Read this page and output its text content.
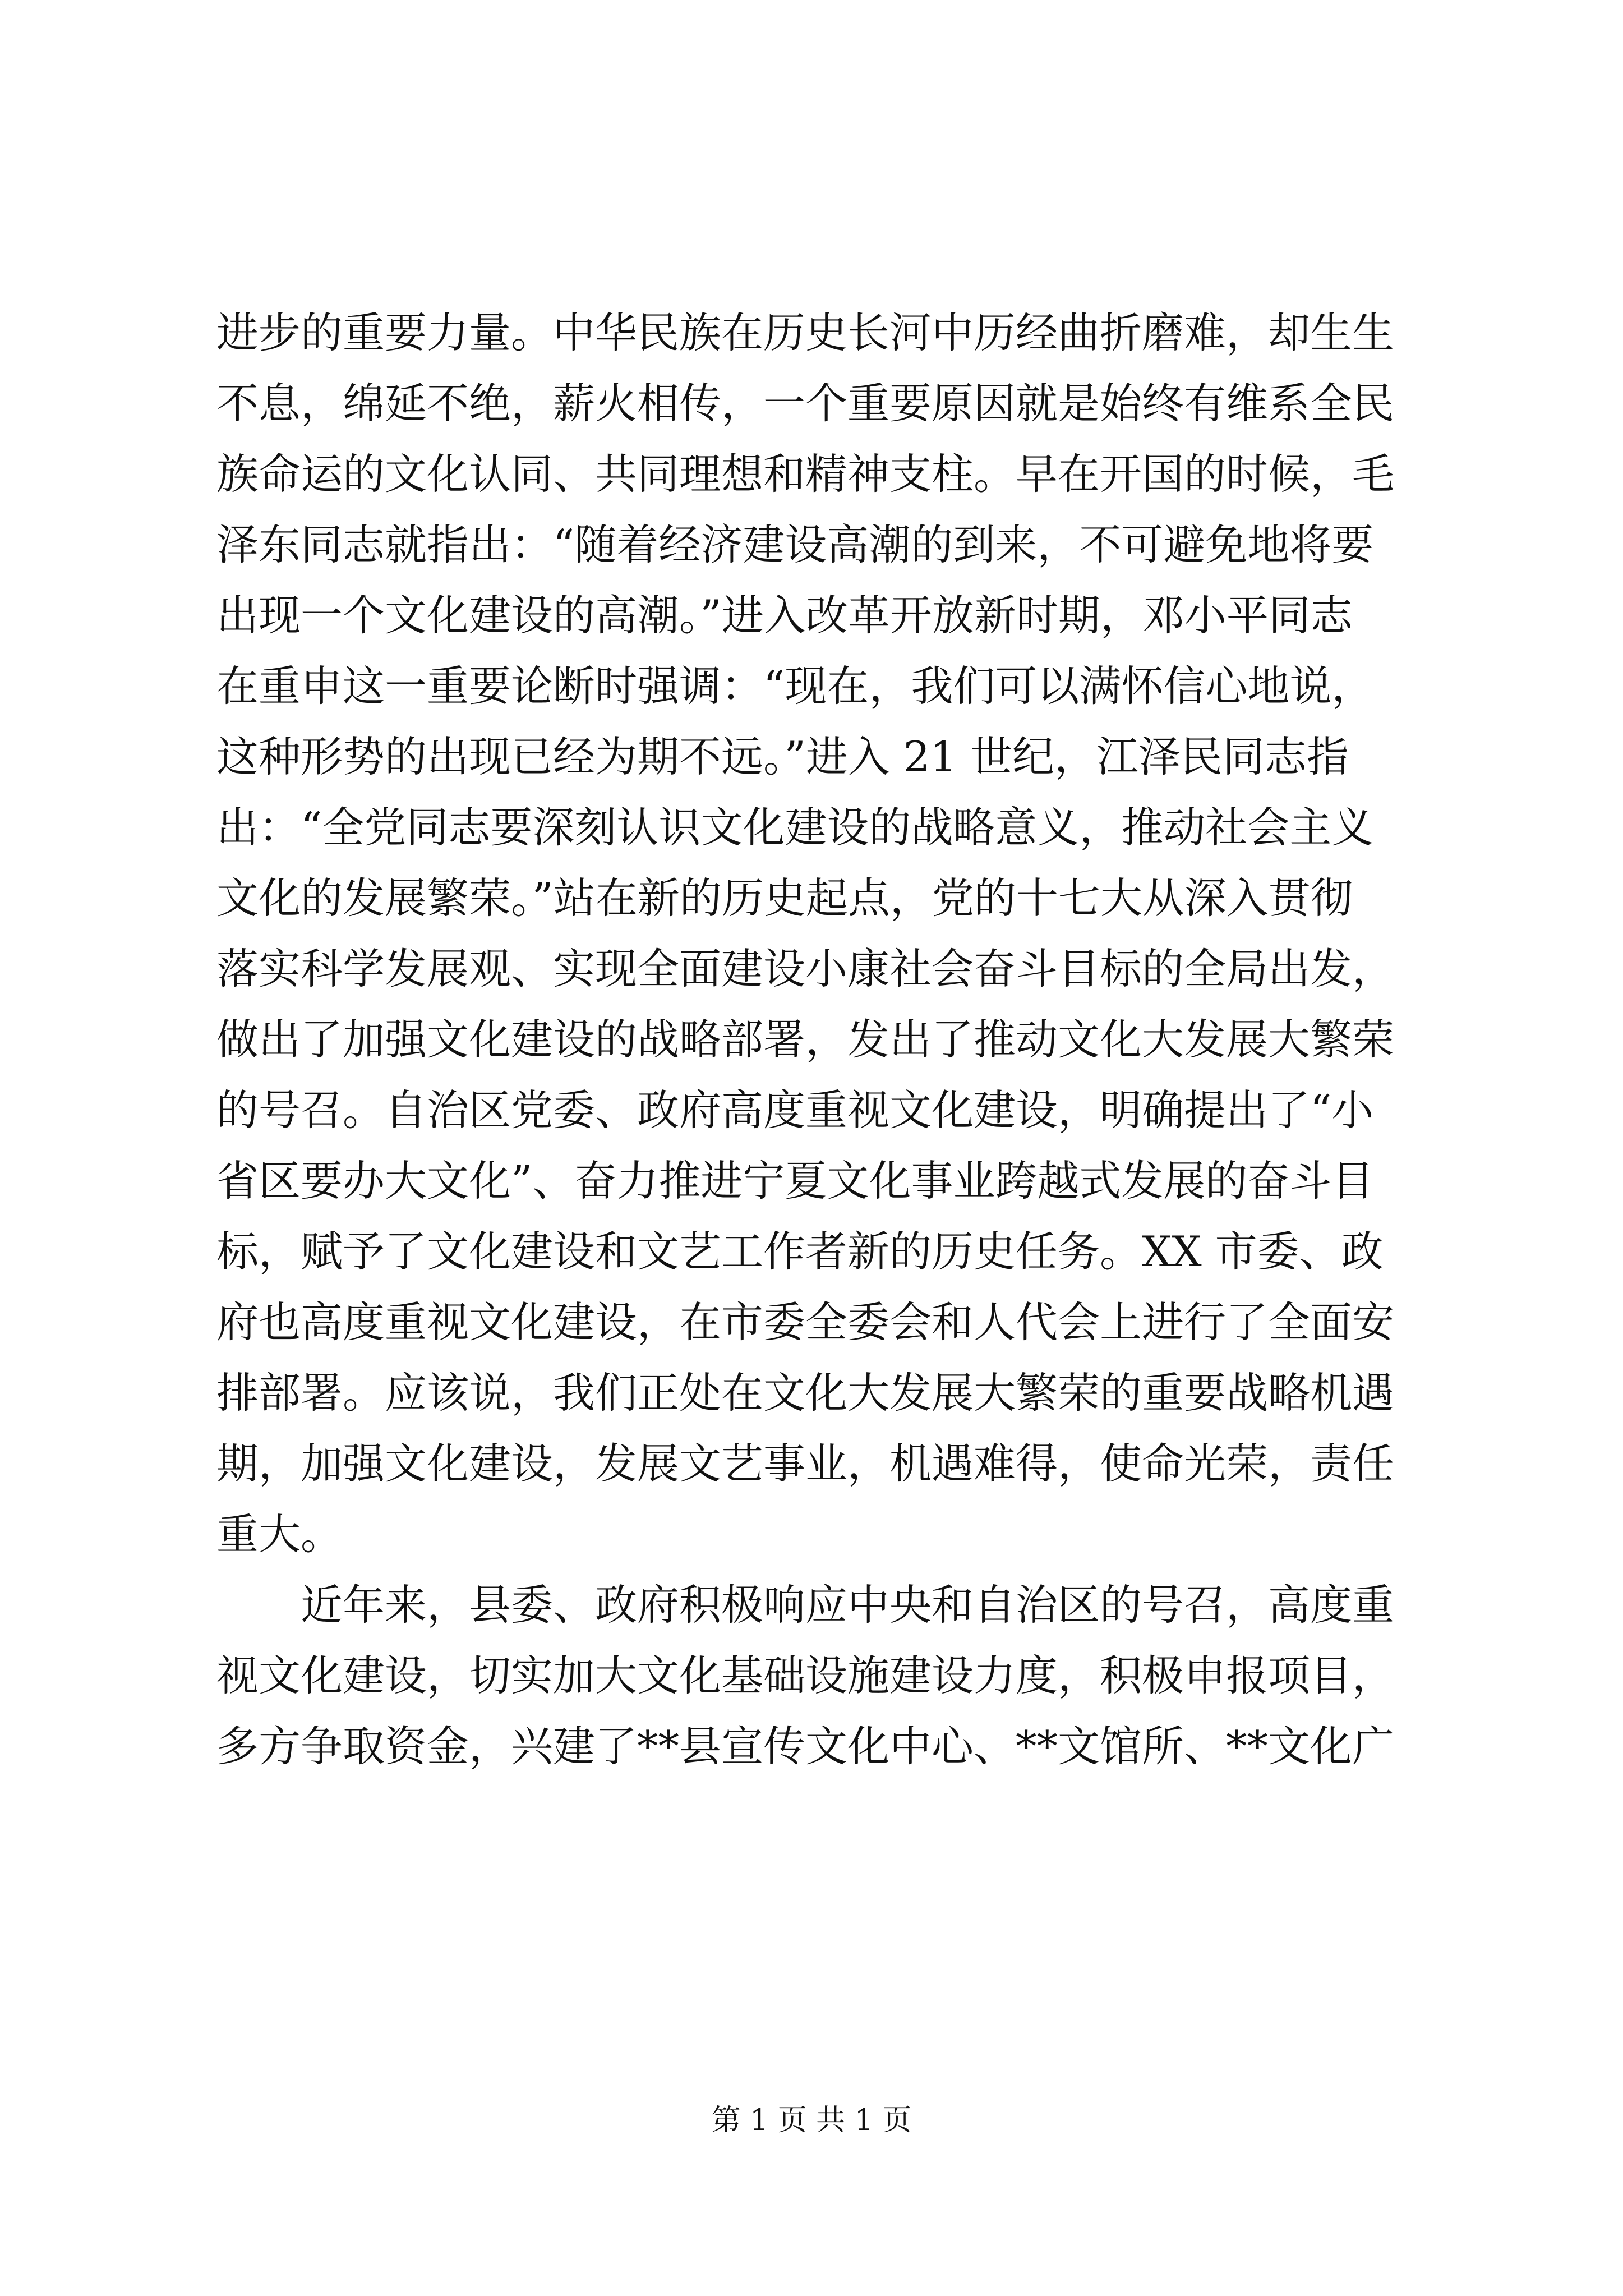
进步的重要力量。中华民族在历史长河中历经曲折磨难，却生生
不息，绵延不绝，薪火相传，一个重要原因就是始终有维系全民
族命运的文化认同、共同理想和精神支柱。早在开国的时候，毛
泽东同志就指出：“随着经济建设高潮的到来，不可避免地将要
出现一个文化建设的高潮。”进入改革开放新时期，邓小平同志
在重申这一重要论断时强调：“现在，我们可以满怀信心地说，
这种形势的出现已经为期不远。”进入 21 世纪，江泽民同志指
出：“全党同志要深刻认识文化建设的战略意义，推动社会主义
文化的发展繁荣。”站在新的历史起点，党的十七大从深入贯彻
落实科学发展观、实现全面建设小康社会奋斗目标的全局出发，
做出了加强文化建设的战略部署，发出了推动文化大发展大繁荣
的号召。自治区党委、政府高度重视文化建设，明确提出了“小
省区要办大文化”、奋力推进宁夏文化事业跨越式发展的奋斗目
标，赋予了文化建设和文艺工作者新的历史任务。XX 市委、政
府也高度重视文化建设，在市委全委会和人代会上进行了全面安
排部署。应该说，我们正处在文化大发展大繁荣的重要战略机遇
期，加强文化建设，发展文艺事业，机遇难得，使命光荣，责任
重大。
近年来，县委、政府积极响应中央和自治区的号召，高度重
视文化建设，切实加大文化基础设施建设力度，积极申报项目，
多方争取资金，兴建了**县宣传文化中心、**文馆所、**文化广
第 1 页 共 1 页
